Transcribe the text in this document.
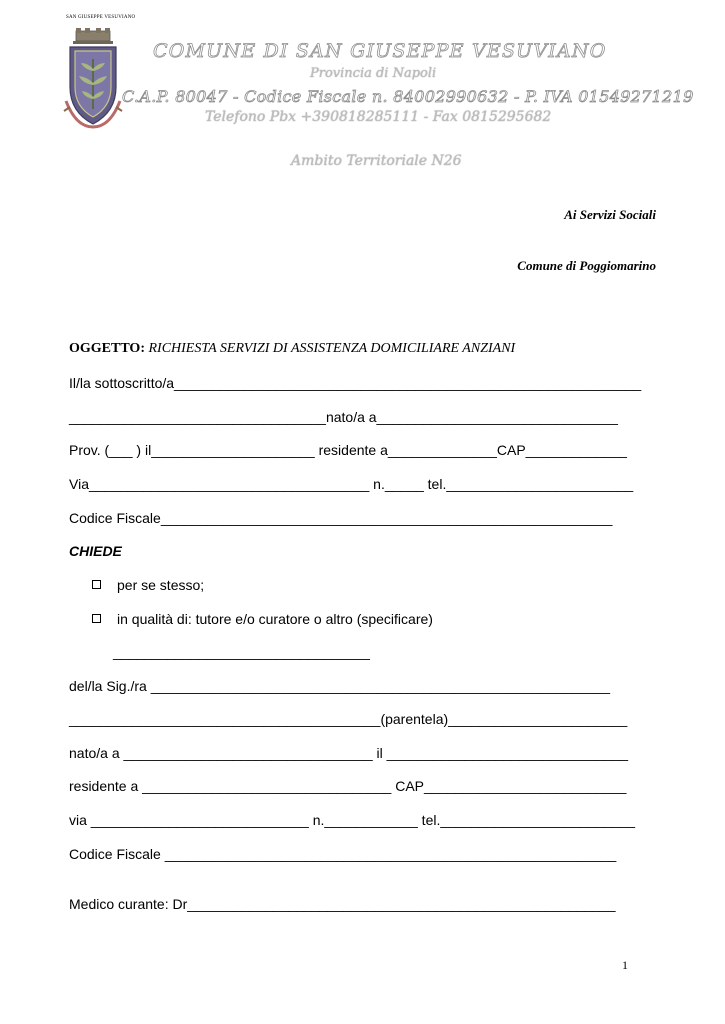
SAN GIUSEPPE VESUVIANO
COMUNE DI SAN GIUSEPPE VESUVIANO
Provincia di Napoli
C.A.P. 80047 - Codice Fiscale n. 84002990632 - P. IVA 01549271219
Telefono Pbx +390818285111 - Fax 0815295682
Ambito Territoriale N26
Ai Servizi Sociali
Comune di Poggiomarino
OGGETTO: RICHIESTA SERVIZI DI ASSISTENZA DOMICILIARE ANZIANI
Il/la sottoscritto/a____________________________________________________________
_________________________________nato/a a_______________________________
Prov. (___ ) il_____________________ residente a______________CAP_____________
Via____________________________________ n._____ tel.________________________
Codice Fiscale__________________________________________________________
CHIEDE
per se stesso;
in qualità di: tutore e/o curatore o altro (specificare)
_________________________________
del/la Sig./ra ___________________________________________________________
________________________________________(parentela)_______________________
nato/a a ________________________________ il _______________________________
residente a ________________________________ CAP__________________________
via ____________________________ n.____________ tel._________________________
Codice Fiscale __________________________________________________________
Medico curante: Dr_______________________________________________________
1
